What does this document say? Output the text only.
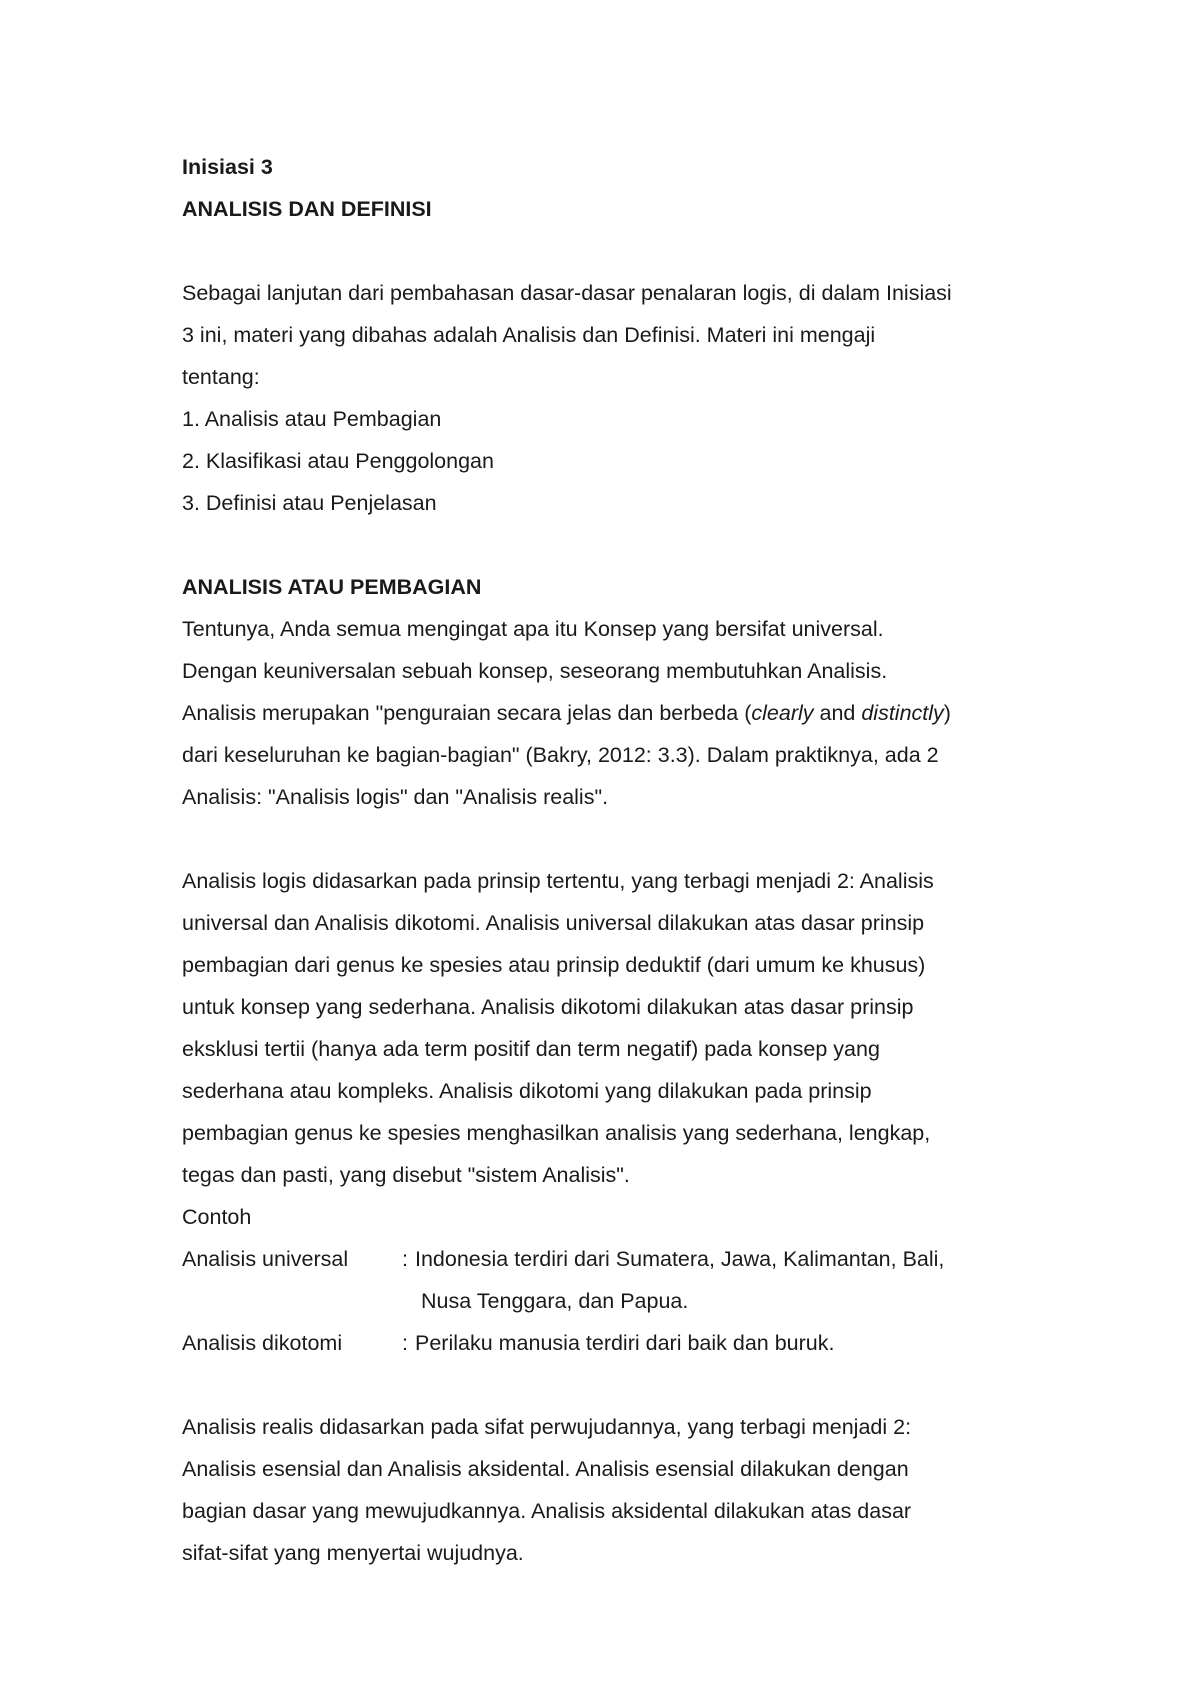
Inisiasi 3
ANALISIS DAN DEFINISI
Sebagai lanjutan dari pembahasan dasar-dasar penalaran logis, di dalam Inisiasi
3 ini, materi yang dibahas adalah Analisis dan Definisi. Materi ini mengaji
tentang:
1. Analisis atau Pembagian
2. Klasifikasi atau Penggolongan
3. Definisi atau Penjelasan
ANALISIS ATAU PEMBAGIAN
Tentunya, Anda semua mengingat apa itu Konsep yang bersifat universal.
Dengan keuniversalan sebuah konsep, seseorang membutuhkan Analisis.
Analisis merupakan "penguraian secara jelas dan berbeda (clearly and distinctly)
dari keseluruhan ke bagian-bagian" (Bakry, 2012: 3.3). Dalam praktiknya, ada 2
Analisis: "Analisis logis" dan "Analisis realis".
Analisis logis didasarkan pada prinsip tertentu, yang terbagi menjadi 2: Analisis
universal dan Analisis dikotomi. Analisis universal dilakukan atas dasar prinsip
pembagian dari genus ke spesies atau prinsip deduktif (dari umum ke khusus)
untuk konsep yang sederhana. Analisis dikotomi dilakukan atas dasar prinsip
eksklusi tertii (hanya ada term positif dan term negatif) pada konsep yang
sederhana atau kompleks. Analisis dikotomi yang dilakukan pada prinsip
pembagian genus ke spesies menghasilkan analisis yang sederhana, lengkap,
tegas dan pasti, yang disebut "sistem Analisis".
Contoh
Analisis universal	: Indonesia terdiri dari Sumatera, Jawa, Kalimantan, Bali,
Nusa Tenggara, dan Papua.
Analisis dikotomi	: Perilaku manusia terdiri dari baik dan buruk.
Analisis realis didasarkan pada sifat perwujudannya, yang terbagi menjadi 2:
Analisis esensial dan Analisis aksidental. Analisis esensial dilakukan dengan
bagian dasar yang mewujudkannya. Analisis aksidental dilakukan atas dasar
sifat-sifat yang menyertai wujudnya.
